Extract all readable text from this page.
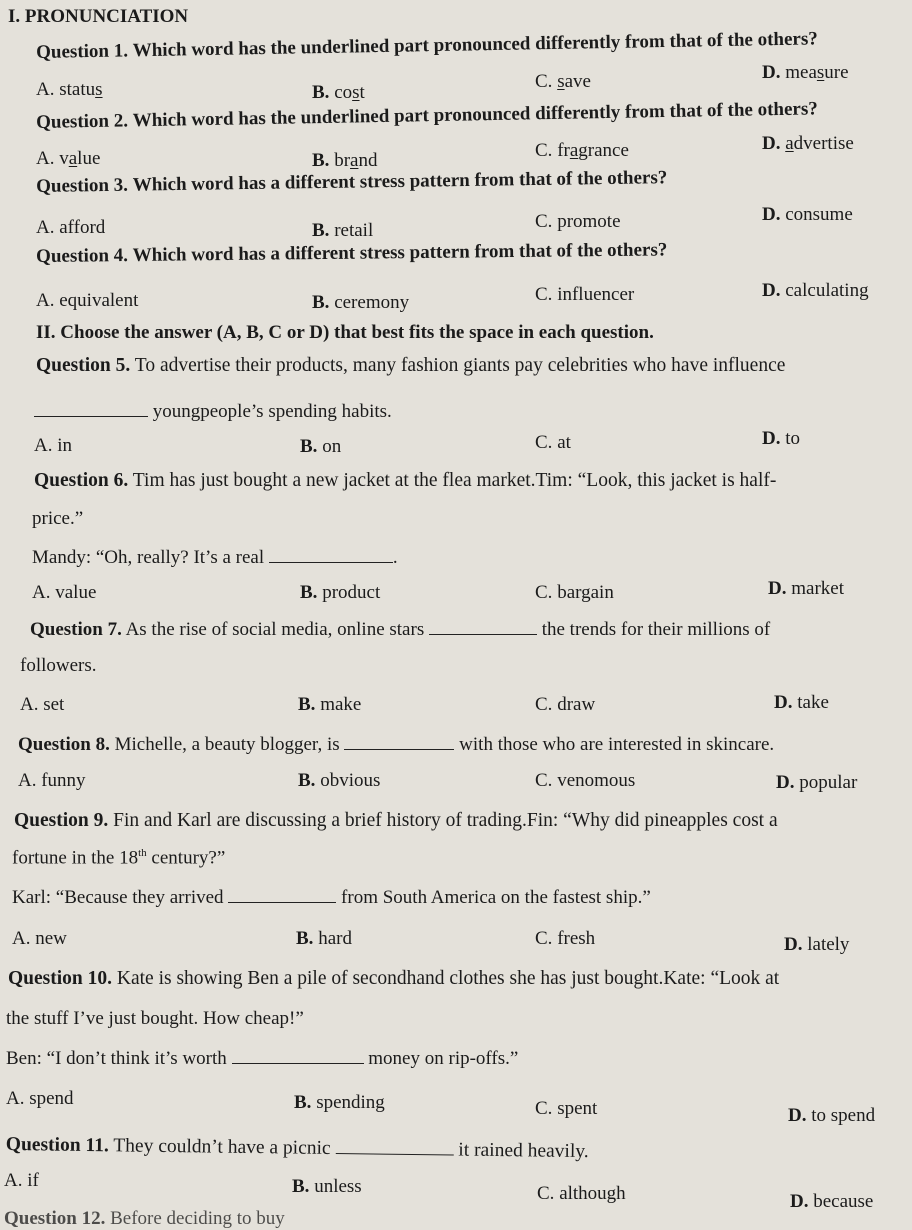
I. PRONUNCIATION
Question 1. Which word has the underlined part pronounced differently from that of the others?
A. status	B. cost
C. save	D. measure
Question 2. Which word has the underlined part pronounced differently from that of the others?
A. value	B. brand	C. fragrance	D. advertise
Question 3. Which word has a different stress pattern from that of the others?
A. afford	B. retail	C. promote	D. consume
Question 4. Which word has a different stress pattern from that of the others?
A. equivalent	B. ceremony	C. influencer	D. calculating
II. Choose the answer (A, B, C or D) that best fits the space in each question.
Question 5. To advertise their products, many fashion giants pay celebrities who have influence
youngpeople’s spending habits.
A. in	B. on	C. at	D. to
Question 6. Tim has just bought a new jacket at the flea market.Tim: “Look, this jacket is half-
price.”
Mandy: “Oh, really? It’s a real	.
A. value	B. product	C. bargain	D. market
Question 7. As the rise of social media, online stars	the trends for their millions of
followers.
A. set	B. make	C. draw	D. take
Question 8. Michelle, a beauty blogger, is	with those who are interested in skincare.
A. funny	B. obvious	C. venomous	D. popular
Question 9. Fin and Karl are discussing a brief history of trading.Fin: “Why did pineapples cost a
fortune in the 18th century?”
Karl: “Because they arrived	from South America on the fastest ship.”
A. new	B. hard	C. fresh	D. lately
Question 10. Kate is showing Ben a pile of secondhand clothes she has just bought.Kate: “Look at
the stuff I’ve just bought. How cheap!”
Ben: “I don’t think it’s worth	money on rip-offs.”
A. spend	B. spending	C. spent	D. to spend
Question 11. They couldn’t have a picnic	it rained heavily.
A. if	B. unless	C. although	D. because
Question 12. Before deciding to buy
